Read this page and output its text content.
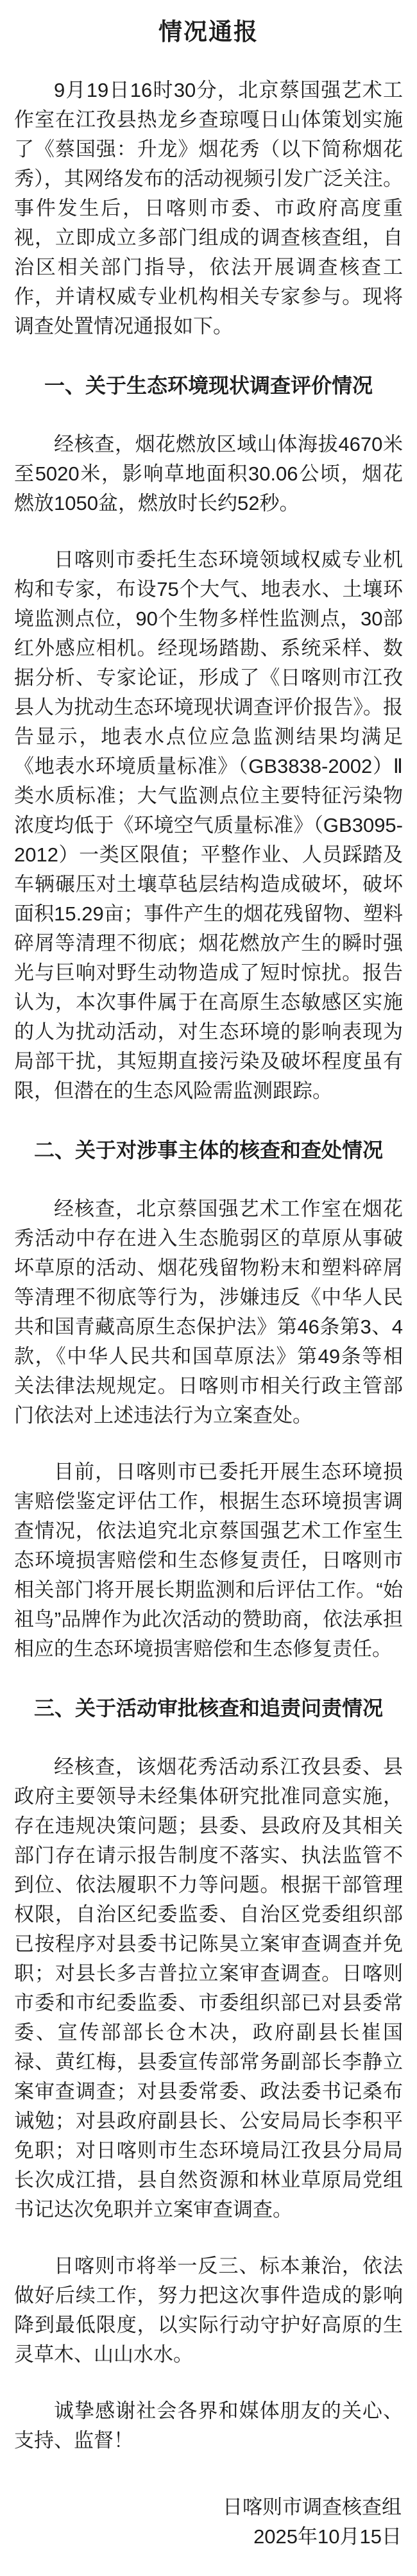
情况通报

9月19日16时30分，北京蔡国强艺术工作室在江孜县热龙乡查琼嘎日山体策划实施了《蔡国强：升龙》烟花秀（以下简称烟花秀），其网络发布的活动视频引发广泛关注。事件发生后，日喀则市委、市政府高度重视，立即成立多部门组成的调查核查组，自治区相关部门指导，依法开展调查核查工作，并请权威专业机构相关专家参与。现将调查处置情况通报如下。

一、关于生态环境现状调查评价情况

经核查，烟花燃放区域山体海拔4670米至5020米，影响草地面积30.06公顷，烟花燃放1050盆，燃放时长约52秒。

日喀则市委托生态环境领域权威专业机构和专家，布设75个大气、地表水、土壤环境监测点位，90个生物多样性监测点，30部红外感应相机。经现场踏勘、系统采样、数据分析、专家论证，形成了《日喀则市江孜县人为扰动生态环境现状调查评价报告》。报告显示，地表水点位应急监测结果均满足《地表水环境质量标准》（GB3838-2002）Ⅱ类水质标准；大气监测点位主要特征污染物浓度均低于《环境空气质量标准》（GB3095-2012）一类区限值；平整作业、人员踩踏及车辆碾压对土壤草毡层结构造成破坏，破坏面积15.29亩；事件产生的烟花残留物、塑料碎屑等清理不彻底；烟花燃放产生的瞬时强光与巨响对野生动物造成了短时惊扰。报告认为，本次事件属于在高原生态敏感区实施的人为扰动活动，对生态环境的影响表现为局部干扰，其短期直接污染及破坏程度虽有限，但潜在的生态风险需监测跟踪。

二、关于对涉事主体的核查和查处情况

经核查，北京蔡国强艺术工作室在烟花秀活动中存在进入生态脆弱区的草原从事破坏草原的活动、烟花残留物粉末和塑料碎屑等清理不彻底等行为，涉嫌违反《中华人民共和国青藏高原生态保护法》第46条第3、4款，《中华人民共和国草原法》第49条等相关法律法规规定。日喀则市相关行政主管部门依法对上述违法行为立案查处。

目前，日喀则市已委托开展生态环境损害赔偿鉴定评估工作，根据生态环境损害调查情况，依法追究北京蔡国强艺术工作室生态环境损害赔偿和生态修复责任，日喀则市相关部门将开展长期监测和后评估工作。“始祖鸟”品牌作为此次活动的赞助商，依法承担相应的生态环境损害赔偿和生态修复责任。

三、关于活动审批核查和追责问责情况

经核查，该烟花秀活动系江孜县委、县政府主要领导未经集体研究批准同意实施，存在违规决策问题；县委、县政府及其相关部门存在请示报告制度不落实、执法监管不到位、依法履职不力等问题。根据干部管理权限，自治区纪委监委、自治区党委组织部已按程序对县委书记陈昊立案审查调查并免职；对县长多吉普拉立案审查调查。日喀则市委和市纪委监委、市委组织部已对县委常委、宣传部部长仓木决，政府副县长崔国禄、黄红梅，县委宣传部常务副部长李静立案审查调查；对县委常委、政法委书记桑布诫勉；对县政府副县长、公安局局长李积平免职；对日喀则市生态环境局江孜县分局局长次成江措，县自然资源和林业草原局党组书记达次免职并立案审查调查。

日喀则市将举一反三、标本兼治，依法做好后续工作，努力把这次事件造成的影响降到最低限度，以实际行动守护好高原的生灵草木、山山水水。

诚挚感谢社会各界和媒体朋友的关心、支持、监督！

日喀则市调查核查组
2025年10月15日
